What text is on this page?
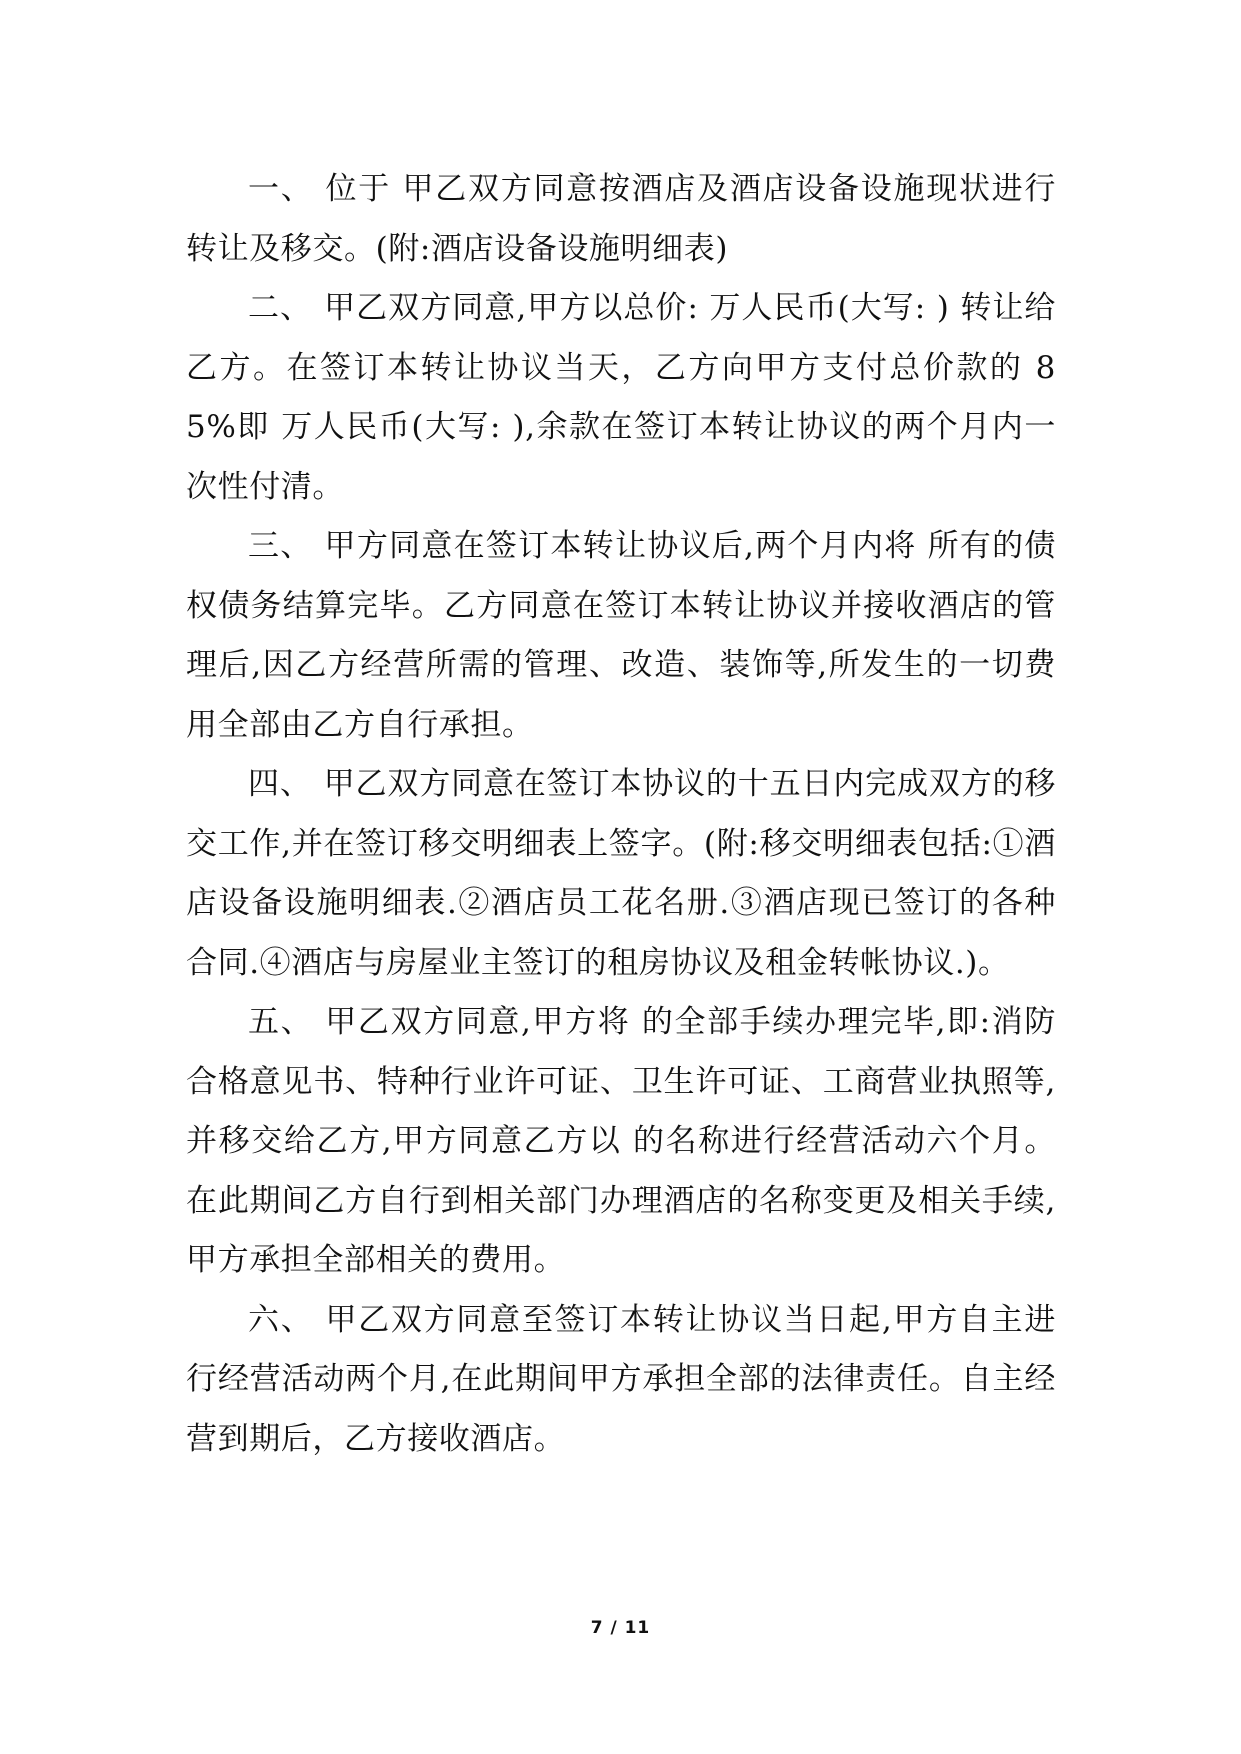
一、 位于 甲乙双方同意按酒店及酒店设备设施现状进行转让及移交。(附:酒店设备设施明细表)

二、 甲乙双方同意,甲方以总价: 万人民币(大写: ) 转让给乙方。在签订本转让协议当天，乙方向甲方支付总价款的 85%即 万人民币(大写: ),余款在签订本转让协议的两个月内一次性付清。

三、 甲方同意在签订本转让协议后,两个月内将 所有的债权债务结算完毕。乙方同意在签订本转让协议并接收酒店的管理后,因乙方经营所需的管理、改造、装饰等,所发生的一切费用全部由乙方自行承担。

四、 甲乙双方同意在签订本协议的十五日内完成双方的移交工作,并在签订移交明细表上签字。(附:移交明细表包括:①酒店设备设施明细表.②酒店员工花名册.③酒店现已签订的各种合同.④酒店与房屋业主签订的租房协议及租金转帐协议.)。

五、 甲乙双方同意,甲方将 的全部手续办理完毕,即:消防合格意见书、特种行业许可证、卫生许可证、工商营业执照等,并移交给乙方,甲方同意乙方以 的名称进行经营活动六个月。在此期间乙方自行到相关部门办理酒店的名称变更及相关手续,甲方承担全部相关的费用。

六、 甲乙双方同意至签订本转让协议当日起,甲方自主进行经营活动两个月,在此期间甲方承担全部的法律责任。自主经营到期后，乙方接收酒店。

7 / 11
